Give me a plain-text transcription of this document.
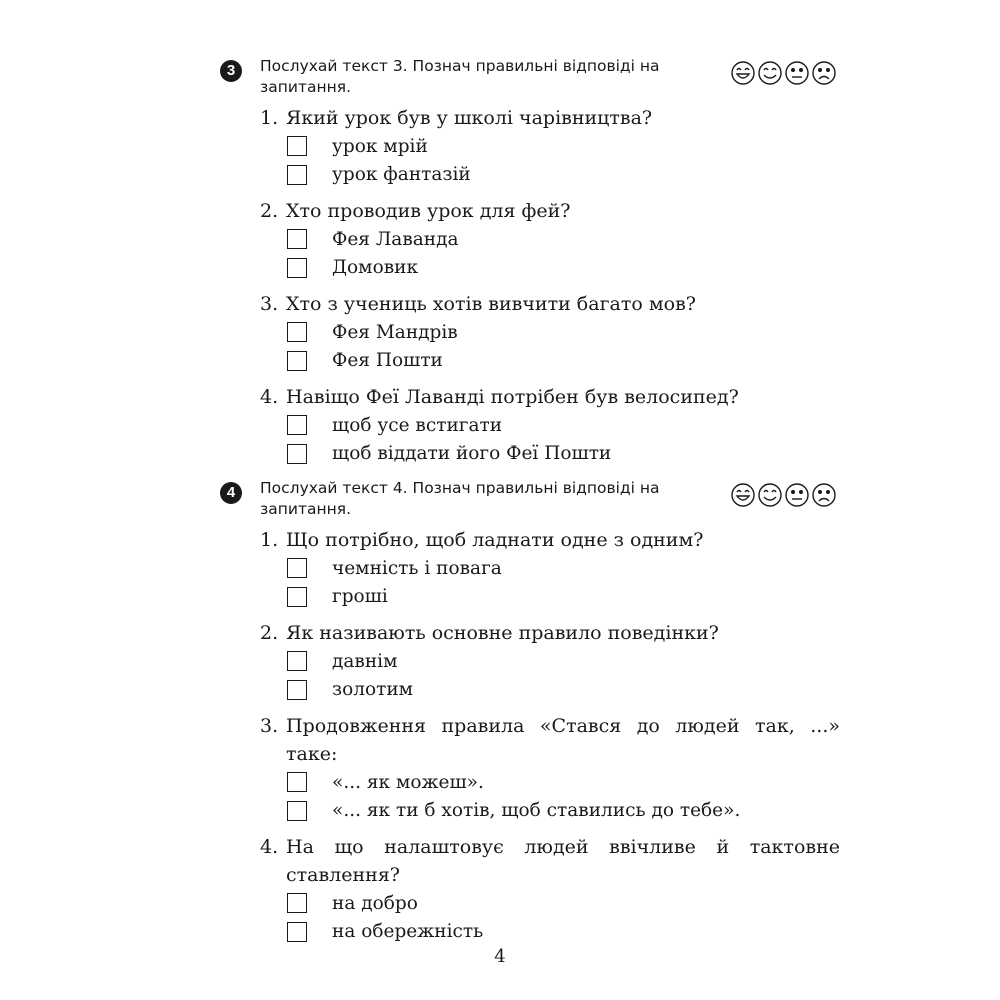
3	Послухай текст 3. Познач правильні відповіді на запитання.
1. Який урок був у школі чарівництва?
урок мрій
урок фантазій
2. Хто проводив урок для фей?
Фея Лаванда
Домовик
3. Хто з учениць хотів вивчити багато мов?
Фея Мандрів
Фея Пошти
4. Навіщо Феї Лаванді потрібен був велосипед?
щоб усе встигати
щоб віддати його Феї Пошти
4	Послухай текст 4. Познач правильні відповіді на запитання.
1. Що потрібно, щоб ладнати одне з одним?
чемність і повага
гроші
2. Як називають основне правило поведінки?
давнім
золотим
3. Продовження правила «Стався до людей так, ...» таке:
«... як можеш».
«... як ти б хотів, щоб ставились до тебе».
4. На що налаштовує людей ввічливе й тактовне ставлення?
на добро
на обережність
4
